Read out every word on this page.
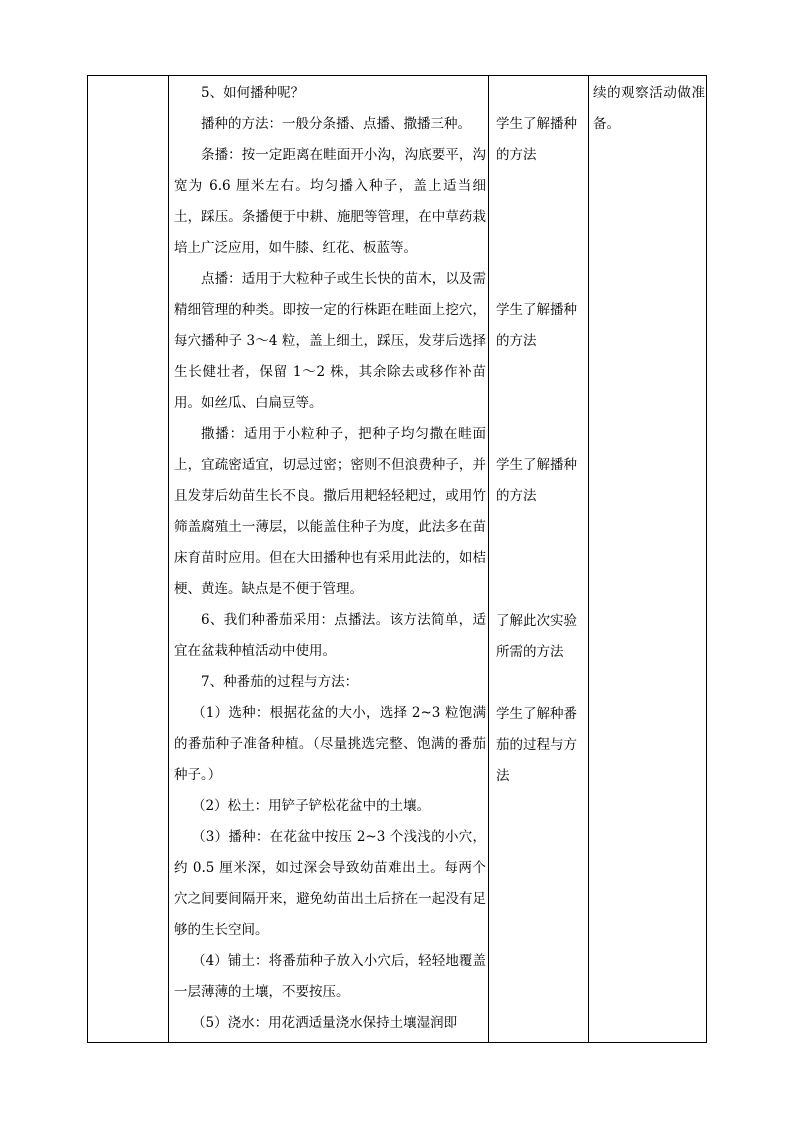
5、如何播种呢？

播种的方法：一般分条播、点播、撒播三种。

条播：按一定距离在畦面开小沟，沟底要平，沟宽为 6.6 厘米左右。均匀播入种子，盖上适当细土，踩压。条播便于中耕、施肥等管理，在中草药栽培上广泛应用，如牛膝、红花、板蓝等。

点播：适用于大粒种子或生长快的苗木，以及需精细管理的种类。即按一定的行株距在畦面上挖穴，每穴播种子 3～4 粒，盖上细土，踩压，发芽后选择生长健壮者，保留 1～2 株，其余除去或移作补苗用。如丝瓜、白扁豆等。

撒播：适用于小粒种子，把种子均匀撒在畦面上，宜疏密适宜，切忌过密；密则不但浪费种子，并且发芽后幼苗生长不良。撒后用耙轻轻耙过，或用竹筛盖腐殖土一薄层，以能盖住种子为度，此法多在苗床育苗时应用。但在大田播种也有采用此法的，如桔梗、黄连。缺点是不便于管理。

6、我们种番茄采用：点播法。该方法简单，适宜在盆栽种植活动中使用。

7、种番茄的过程与方法：

（1）选种：根据花盆的大小，选择 2~3 粒饱满的番茄种子准备种植。（尽量挑选完整、饱满的番茄种子。）

（2）松土：用铲子铲松花盆中的土壤。

（3）播种：在花盆中按压 2~3 个浅浅的小穴，约 0.5 厘米深，如过深会导致幼苗难出土。每两个穴之间要间隔开来，避免幼苗出土后挤在一起没有足够的生长空间。

（4）铺土：将番茄种子放入小穴后，轻轻地覆盖一层薄薄的土壤，不要按压。

（5）浇水：用花洒适量浇水保持土壤湿润即

学生了解播种的方法

学生了解播种的方法

学生了解播种的方法

了解此次实验所需的方法

学生了解种番茄的过程与方法

续的观察活动做准备。
